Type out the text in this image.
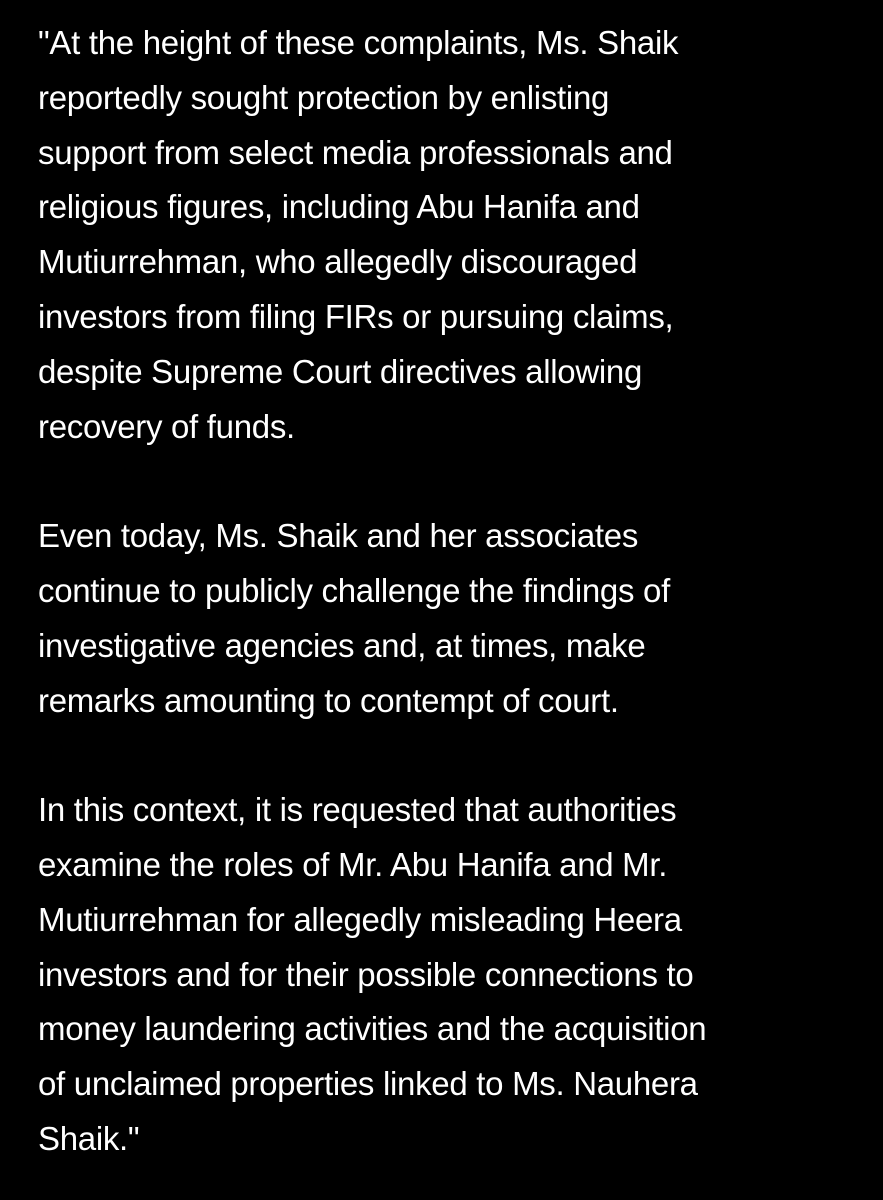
"At the height of these complaints, Ms. Shaik
reportedly sought protection by enlisting
support from select media professionals and
religious figures, including Abu Hanifa and
Mutiurrehman, who allegedly discouraged
investors from filing FIRs or pursuing claims,
despite Supreme Court directives allowing
recovery of funds.
Even today, Ms. Shaik and her associates
continue to publicly challenge the findings of
investigative agencies and, at times, make
remarks amounting to contempt of court.
In this context, it is requested that authorities
examine the roles of Mr. Abu Hanifa and Mr.
Mutiurrehman for allegedly misleading Heera
investors and for their possible connections to
money laundering activities and the acquisition
of unclaimed properties linked to Ms. Nauhera
Shaik."
